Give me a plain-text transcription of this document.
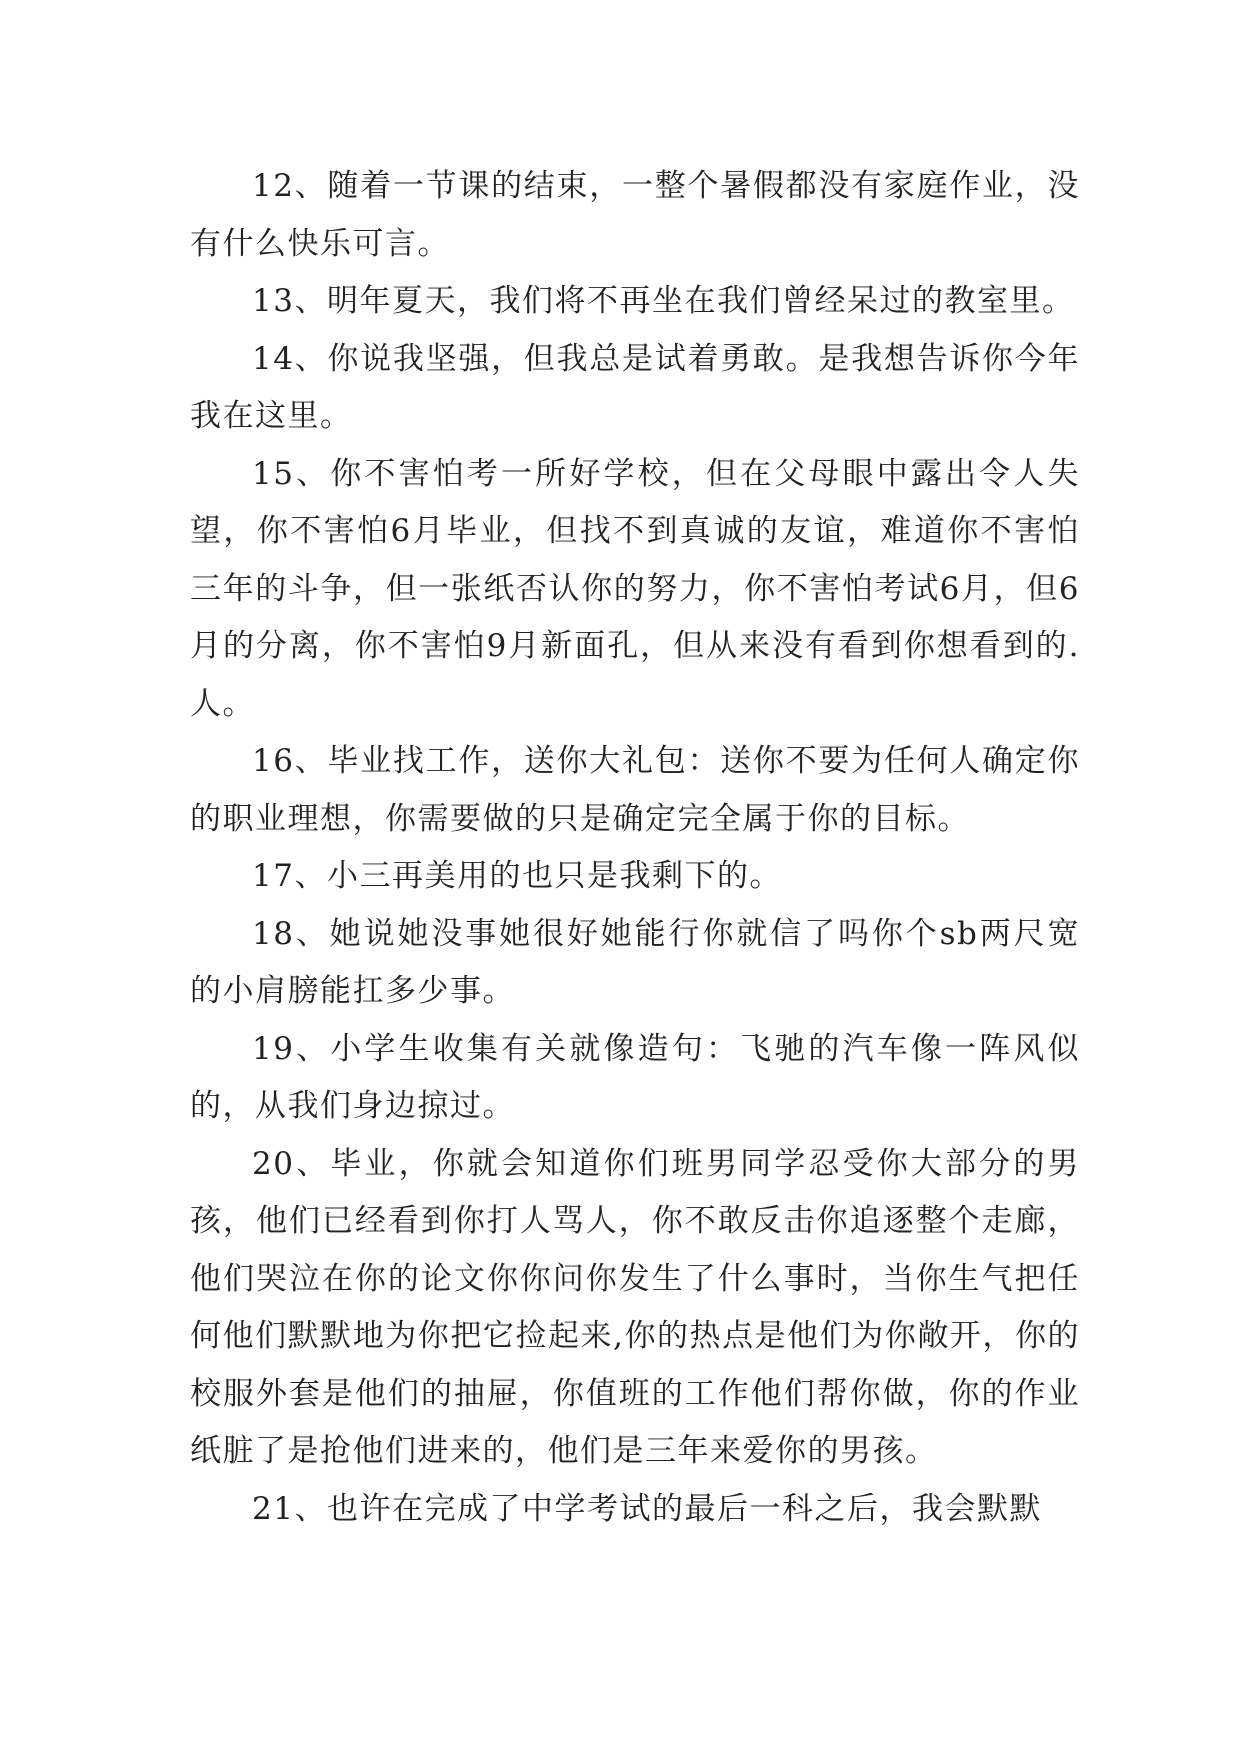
12、随着一节课的结束，一整个暑假都没有家庭作业，没有什么快乐可言。

13、明年夏天，我们将不再坐在我们曾经呆过的教室里。

14、你说我坚强，但我总是试着勇敢。是我想告诉你今年我在这里。

15、你不害怕考一所好学校，但在父母眼中露出令人失望，你不害怕6月毕业，但找不到真诚的友谊，难道你不害怕三年的斗争，但一张纸否认你的努力，你不害怕考试6月，但6月的分离，你不害怕9月新面孔，但从来没有看到你想看到的.人。

16、毕业找工作，送你大礼包：送你不要为任何人确定你的职业理想，你需要做的只是确定完全属于你的目标。

17、小三再美用的也只是我剩下的。

18、她说她没事她很好她能行你就信了吗你个sb两尺宽的小肩膀能扛多少事。

19、小学生收集有关就像造句：飞驰的汽车像一阵风似的，从我们身边掠过。

20、毕业，你就会知道你们班男同学忍受你大部分的男孩，他们已经看到你打人骂人，你不敢反击你追逐整个走廊，他们哭泣在你的论文你你问你发生了什么事时，当你生气把任何他们默默地为你把它捡起来,你的热点是他们为你敞开，你的校服外套是他们的抽屉，你值班的工作他们帮你做，你的作业纸脏了是抢他们进来的，他们是三年来爱你的男孩。

21、也许在完成了中学考试的最后一科之后，我会默默
